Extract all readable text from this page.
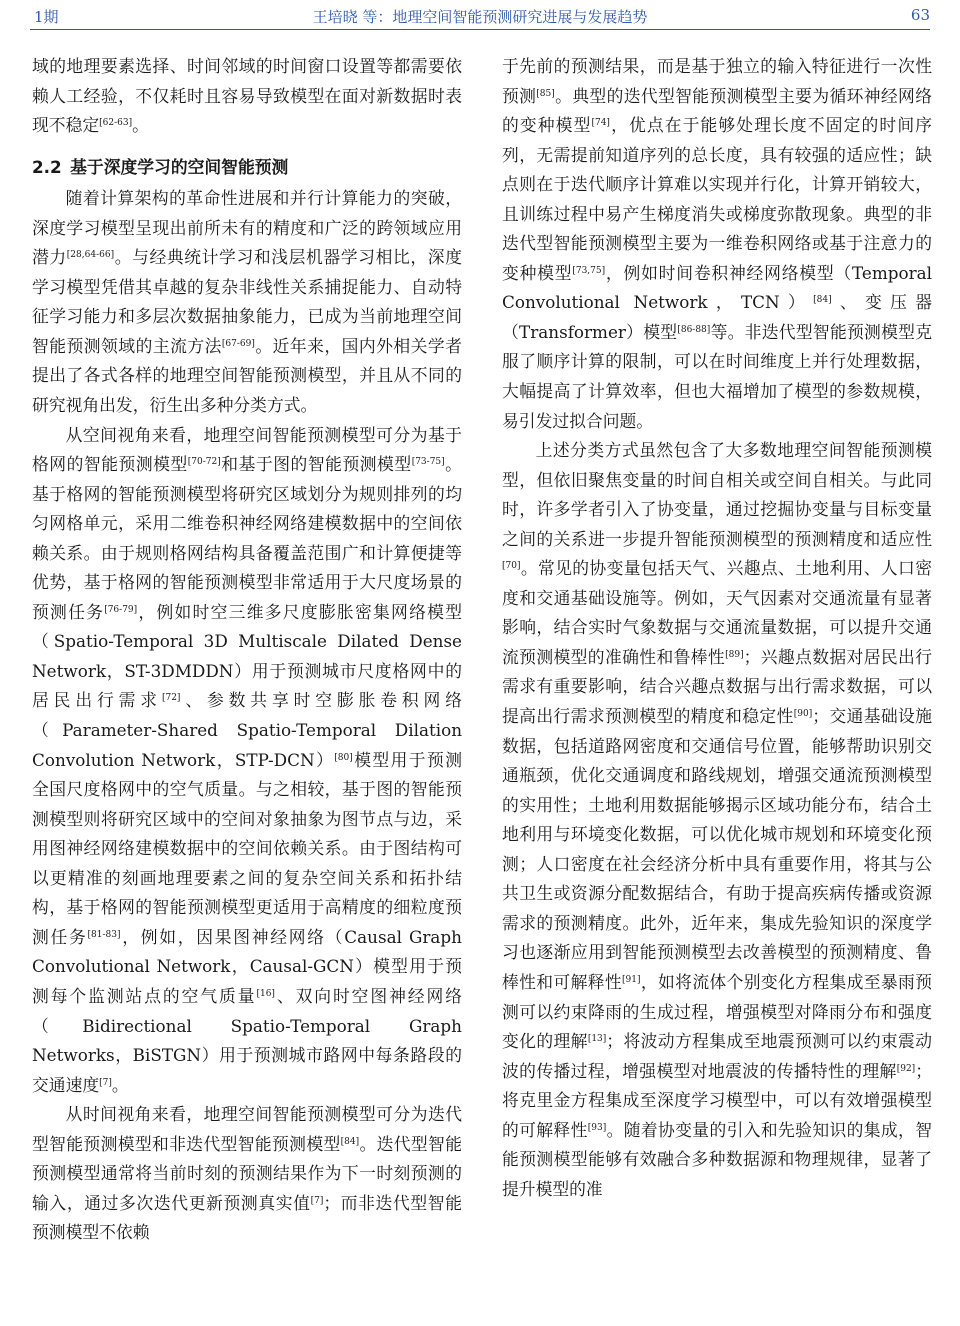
1期	王培晓 等：地理空间智能预测研究进展与发展趋势	63

域的地理要素选择、时间邻域的时间窗口设置等都需要依赖人工经验，不仅耗时且容易导致模型在面对新数据时表现不稳定[62-63]。

2.2 基于深度学习的空间智能预测

随着计算架构的革命性进展和并行计算能力的突破，深度学习模型呈现出前所未有的精度和广泛的跨领域应用潜力[28,64-66]。与经典统计学习和浅层机器学习相比，深度学习模型凭借其卓越的复杂非线性关系捕捉能力、自动特征学习能力和多层次数据抽象能力，已成为当前地理空间智能预测领域的主流方法[67-69]。近年来，国内外相关学者提出了各式各样的地理空间智能预测模型，并且从不同的研究视角出发，衍生出多种分类方式。

从空间视角来看，地理空间智能预测模型可分为基于格网的智能预测模型[70-72]和基于图的智能预测模型[73-75]。基于格网的智能预测模型将研究区域划分为规则排列的均匀网格单元，采用二维卷积神经网络建模数据中的空间依赖关系。由于规则格网结构具备覆盖范围广和计算便捷等优势，基于格网的智能预测模型非常适用于大尺度场景的预测任务[76-79]，例如时空三维多尺度膨胀密集网络模型（Spatio-Temporal 3D Multiscale Dilated Dense Network，ST-3DMDDN）用于预测城市尺度格网中的居民出行需求[72]、参数共享时空膨胀卷积网络（Parameter-Shared Spatio-Temporal Dilation Convolution Network，STP-DCN）[80]模型用于预测全国尺度格网中的空气质量。与之相较，基于图的智能预测模型则将研究区域中的空间对象抽象为图节点与边，采用图神经网络建模数据中的空间依赖关系。由于图结构可以更精准的刻画地理要素之间的复杂空间关系和拓扑结构，基于格网的智能预测模型更适用于高精度的细粒度预测任务[81-83]，例如，因果图神经网络（Causal Graph Convolutional Network，Causal-GCN）模型用于预测每个监测站点的空气质量[16]、双向时空图神经网络（Bidirectional Spatio-Temporal Graph Networks，BiSTGN）用于预测城市路网中每条路段的交通速度[7]。

从时间视角来看，地理空间智能预测模型可分为迭代型智能预测模型和非迭代型智能预测模型[84]。迭代型智能预测模型通常将当前时刻的预测结果作为下一时刻预测的输入，通过多次迭代更新预测真实值[7]；而非迭代型智能预测模型不依赖

于先前的预测结果，而是基于独立的输入特征进行一次性预测[85]。典型的迭代型智能预测模型主要为循环神经网络的变种模型[74]，优点在于能够处理长度不固定的时间序列，无需提前知道序列的总长度，具有较强的适应性；缺点则在于迭代顺序计算难以实现并行化，计算开销较大，且训练过程中易产生梯度消失或梯度弥散现象。典型的非迭代型智能预测模型主要为一维卷积网络或基于注意力的变种模型[73,75]，例如时间卷积神经网络模型（Temporal Convolutional Network，TCN）[84]、变压器（Transformer）模型[86-88]等。非迭代型智能预测模型克服了顺序计算的限制，可以在时间维度上并行处理数据，大幅提高了计算效率，但也大福增加了模型的参数规模，易引发过拟合问题。

上述分类方式虽然包含了大多数地理空间智能预测模型，但依旧聚焦变量的时间自相关或空间自相关。与此同时，许多学者引入了协变量，通过挖掘协变量与目标变量之间的关系进一步提升智能预测模型的预测精度和适应性[70]。常见的协变量包括天气、兴趣点、土地利用、人口密度和交通基础设施等。例如，天气因素对交通流量有显著影响，结合实时气象数据与交通流量数据，可以提升交通流预测模型的准确性和鲁棒性[89]；兴趣点数据对居民出行需求有重要影响，结合兴趣点数据与出行需求数据，可以提高出行需求预测模型的精度和稳定性[90]；交通基础设施数据，包括道路网密度和交通信号位置，能够帮助识别交通瓶颈，优化交通调度和路线规划，增强交通流预测模型的实用性；土地利用数据能够揭示区域功能分布，结合土地利用与环境变化数据，可以优化城市规划和环境变化预测；人口密度在社会经济分析中具有重要作用，将其与公共卫生或资源分配数据结合，有助于提高疾病传播或资源需求的预测精度。此外，近年来，集成先验知识的深度学习也逐渐应用到智能预测模型去改善模型的预测精度、鲁棒性和可解释性[91]，如将流体个别变化方程集成至暴雨预测可以约束降雨的生成过程，增强模型对降雨分布和强度变化的理解[13]；将波动方程集成至地震预测可以约束震动波的传播过程，增强模型对地震波的传播特性的理解[92]；将克里金方程集成至深度学习模型中，可以有效增强模型的可解释性[93]。随着协变量的引入和先验知识的集成，智能预测模型能够有效融合多种数据源和物理规律，显著了提升模型的准
